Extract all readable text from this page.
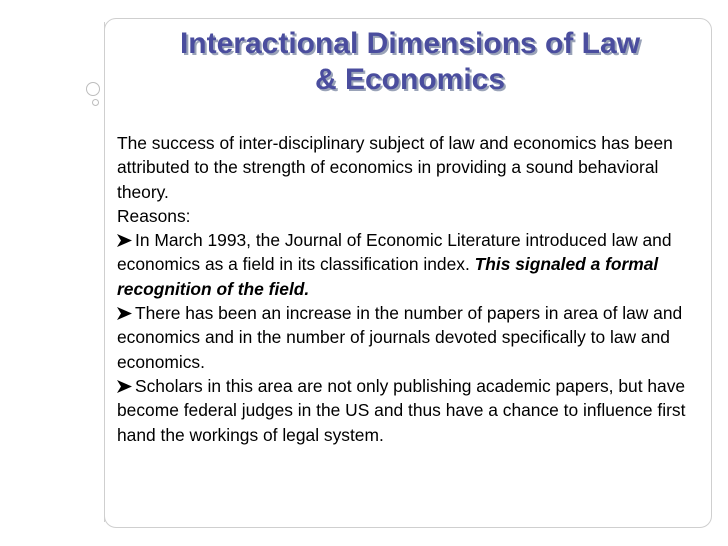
Interactional Dimensions of Law
& Economics

The success of inter-disciplinary subject of law and economics has been attributed to the strength of economics in providing a sound behavioral theory.

Reasons:

In March 1993, the Journal of Economic Literature introduced law and economics as a field in its classification index. This signaled a formal recognition of the field.

There has been an increase in the number of papers in area of law and economics and in the number of journals devoted specifically to law and economics.

Scholars in this area are not only publishing academic papers, but have become federal judges in the US and thus have a chance to influence first hand the workings of legal system.
